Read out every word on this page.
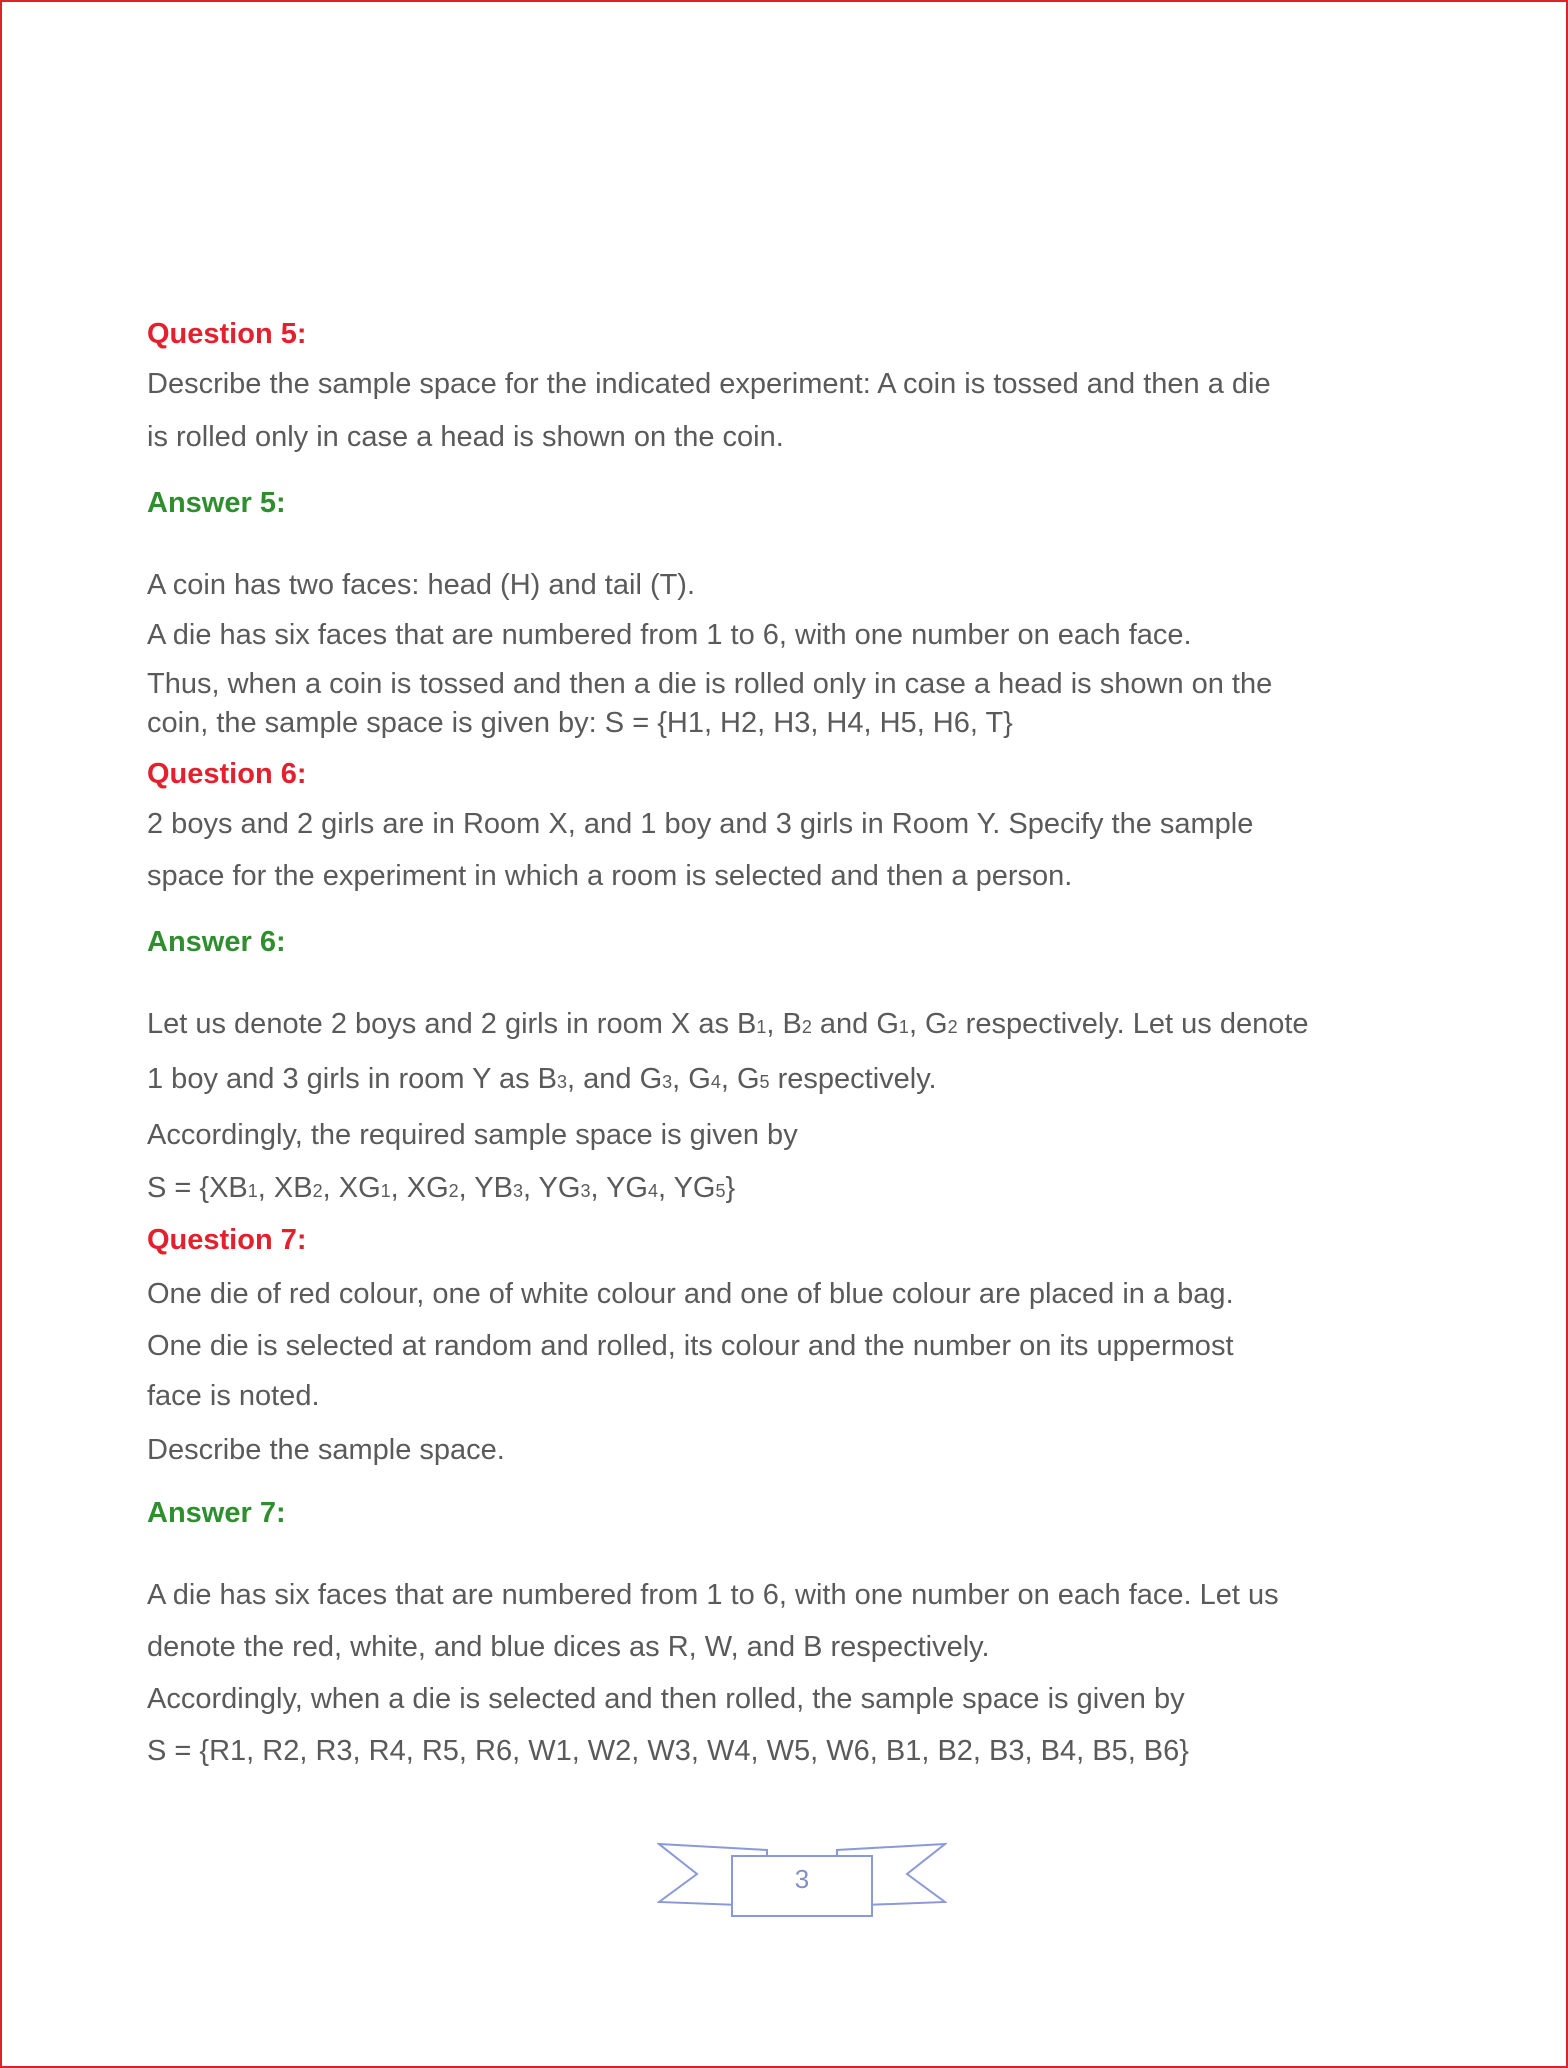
Question 5:
Describe the sample space for the indicated experiment: A coin is tossed and then a die
is rolled only in case a head is shown on the coin.
Answer 5:
A coin has two faces: head (H) and tail (T).
A die has six faces that are numbered from 1 to 6, with one number on each face.
Thus, when a coin is tossed and then a die is rolled only in case a head is shown on the
coin, the sample space is given by: S = {H1, H2, H3, H4, H5, H6, T}
Question 6:
2 boys and 2 girls are in Room X, and 1 boy and 3 girls in Room Y. Specify the sample
space for the experiment in which a room is selected and then a person.
Answer 6:
Let us denote 2 boys and 2 girls in room X as B1, B2 and G1, G2 respectively. Let us denote
1 boy and 3 girls in room Y as B3, and G3, G4, G5 respectively.
Accordingly, the required sample space is given by
S = {XB1, XB2, XG1, XG2, YB3, YG3, YG4, YG5}
Question 7:
One die of red colour, one of white colour and one of blue colour are placed in a bag.
One die is selected at random and rolled, its colour and the number on its uppermost
face is noted.
Describe the sample space.
Answer 7:
A die has six faces that are numbered from 1 to 6, with one number on each face. Let us
denote the red, white, and blue dices as R, W, and B respectively.
Accordingly, when a die is selected and then rolled, the sample space is given by
S = {R1, R2, R3, R4, R5, R6, W1, W2, W3, W4, W5, W6, B1, B2, B3, B4, B5, B6}
3
